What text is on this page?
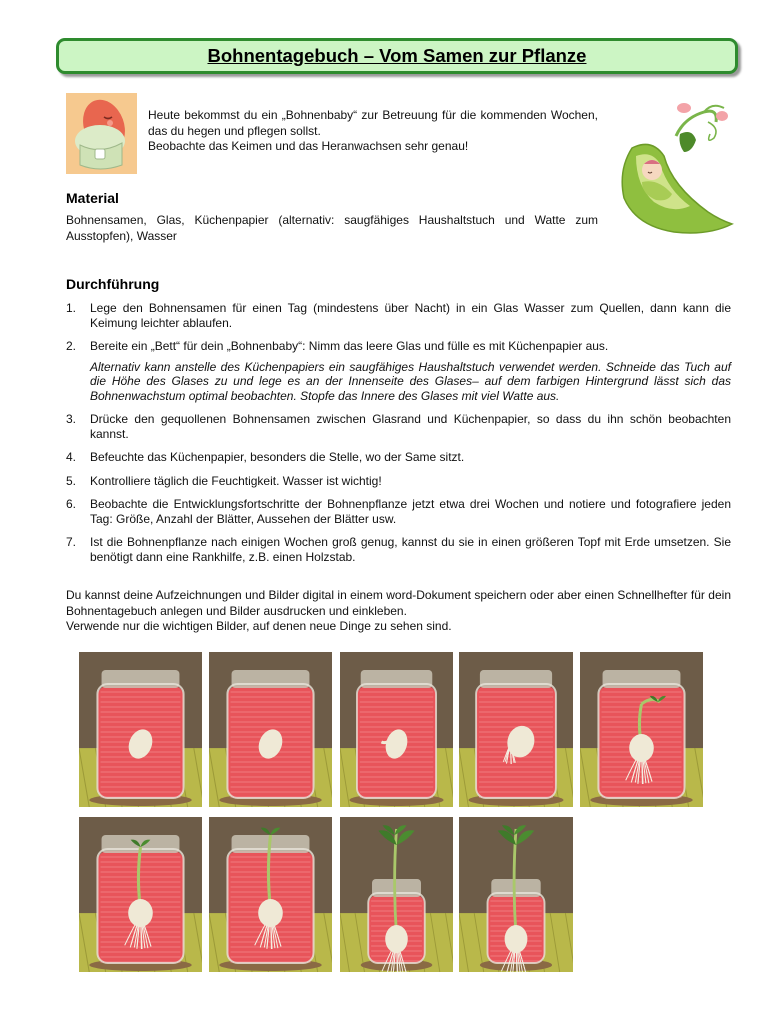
Bohnentagebuch – Vom Samen zur Pflanze

Heute bekommst du ein „Bohnenbaby“ zur Betreuung für die kommenden Wochen, das du hegen und pflegen sollst.

Beobachte das Keimen und das Heranwachsen sehr genau!

Material

Bohnensamen, Glas, Küchenpapier (alternativ: saugfähiges Haushaltstuch und Watte zum Ausstopfen), Wasser

Durchführung
1.	Lege den Bohnensamen für einen Tag (mindestens über Nacht) in ein Glas Wasser zum Quellen, dann kann die Keimung leichter ablaufen.
2.	Bereite ein „Bett“ für dein „Bohnenbaby“: Nimm das leere Glas und fülle es mit Küchenpapier aus.
Alternativ kann anstelle des Küchenpapiers ein saugfähiges Haushaltstuch verwendet werden. Schneide das Tuch auf die Höhe des Glases zu und lege es an der Innenseite des Glases– auf dem farbigen Hintergrund lässt sich das Bohnenwachstum optimal beobachten. Stopfe das Innere des Glases mit viel Watte aus.
3.	Drücke den gequollenen Bohnensamen zwischen Glasrand und Küchenpapier, so dass du ihn schön beobachten kannst.
4.	Befeuchte das Küchenpapier, besonders die Stelle, wo der Same sitzt.
5.	Kontrolliere täglich die Feuchtigkeit. Wasser ist wichtig!
6.	Beobachte die Entwicklungsfortschritte der Bohnenpflanze jetzt etwa drei Wochen und notiere und fotografiere jeden Tag: Größe, Anzahl der Blätter, Aussehen der Blätter usw.
7.	Ist die Bohnenpflanze nach einigen Wochen groß genug, kannst du sie in einen größeren Topf mit Erde umsetzen. Sie benötigt dann eine Rankhilfe, z.B. einen Holzstab.

Du kannst deine Aufzeichnungen und Bilder digital in einem word-Dokument speichern oder aber einen Schnellhefter für dein Bohnentagebuch anlegen und Bilder ausdrucken und einkleben.

Verwende nur die wichtigen Bilder, auf denen neue Dinge zu sehen sind.
